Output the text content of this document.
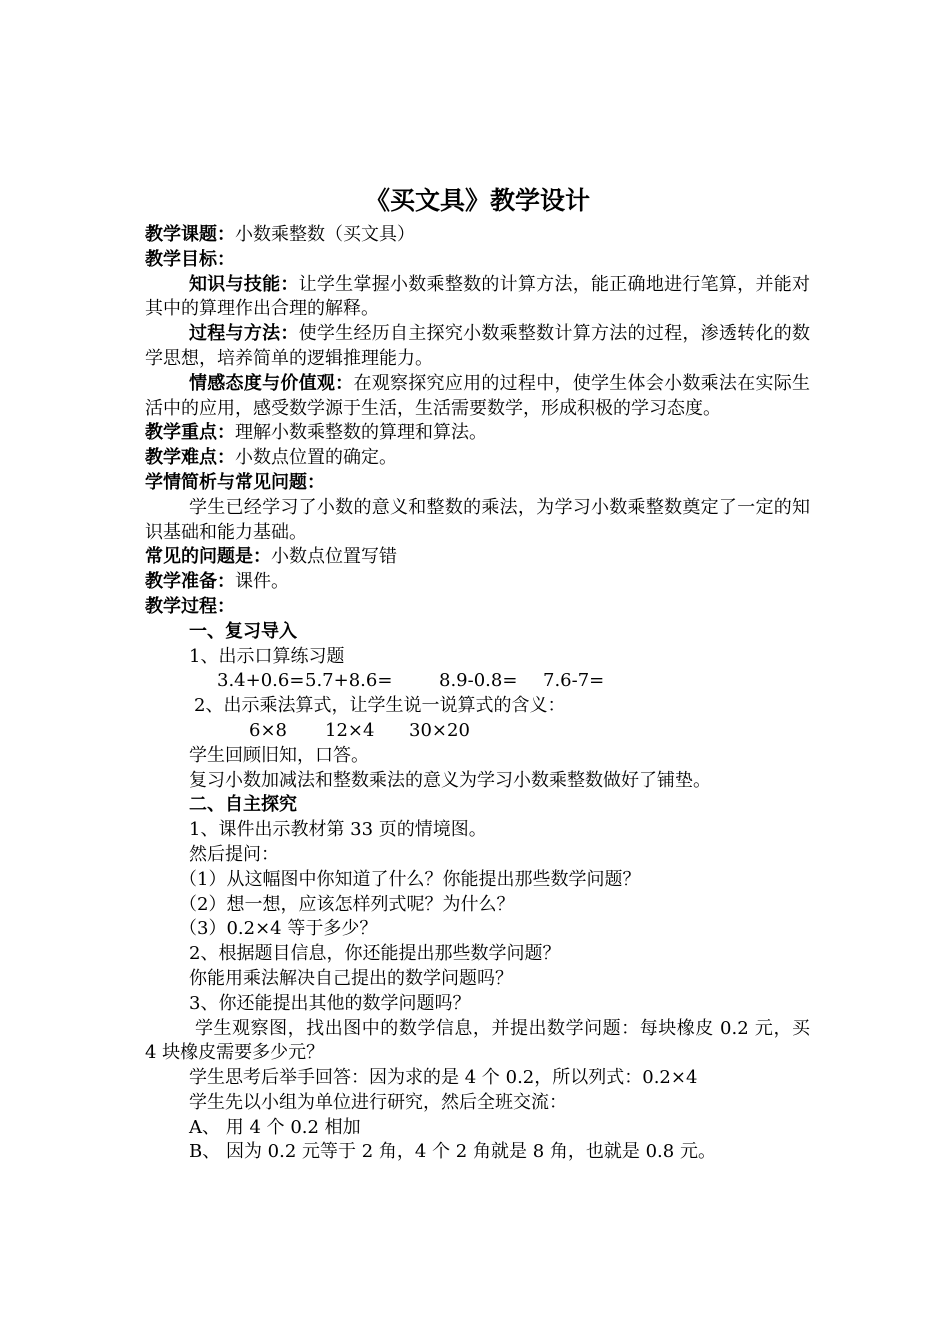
《买文具》教学设计
教学课题：小数乘整数（买文具）
教学目标：
知识与技能：让学生掌握小数乘整数的计算方法，能正确地进行笔算，并能对其中的算理作出合理的解释。
过程与方法：使学生经历自主探究小数乘整数计算方法的过程，渗透转化的数学思想，培养简单的逻辑推理能力。
情感态度与价值观：在观察探究应用的过程中，使学生体会小数乘法在实际生活中的应用，感受数学源于生活，生活需要数学，形成积极的学习态度。
教学重点：理解小数乘整数的算理和算法。
教学难点：小数点位置的确定。
学情简析与常见问题：
学生已经学习了小数的意义和整数的乘法，为学习小数乘整数奠定了一定的知识基础和能力基础。
常见的问题是：小数点位置写错
教学准备：课件。
教学过程：
一、复习导入
1、出示口算练习题
3.4+0.6=5.7+8.6=	8.9-0.8= 7.6-7=
2、出示乘法算式，让学生说一说算式的含义：
6×8 12×4 30×20
学生回顾旧知，口答。
复习小数加减法和整数乘法的意义为学习小数乘整数做好了铺垫。
二、自主探究
1、课件出示教材第 33 页的情境图。
然后提问：
（1）从这幅图中你知道了什么？你能提出那些数学问题？
（2）想一想，应该怎样列式呢？为什么？
（3）0.2×4 等于多少？
2、根据题目信息，你还能提出那些数学问题？
你能用乘法解决自己提出的数学问题吗？
3、你还能提出其他的数学问题吗？
学生观察图，找出图中的数学信息，并提出数学问题：每块橡皮 0.2 元，买 4 块橡皮需要多少元？
学生思考后举手回答：因为求的是 4 个 0.2，所以列式：0.2×4
学生先以小组为单位进行研究，然后全班交流：
A、 用 4 个 0.2 相加
B、 因为 0.2 元等于 2 角，4 个 2 角就是 8 角，也就是 0.8 元。
